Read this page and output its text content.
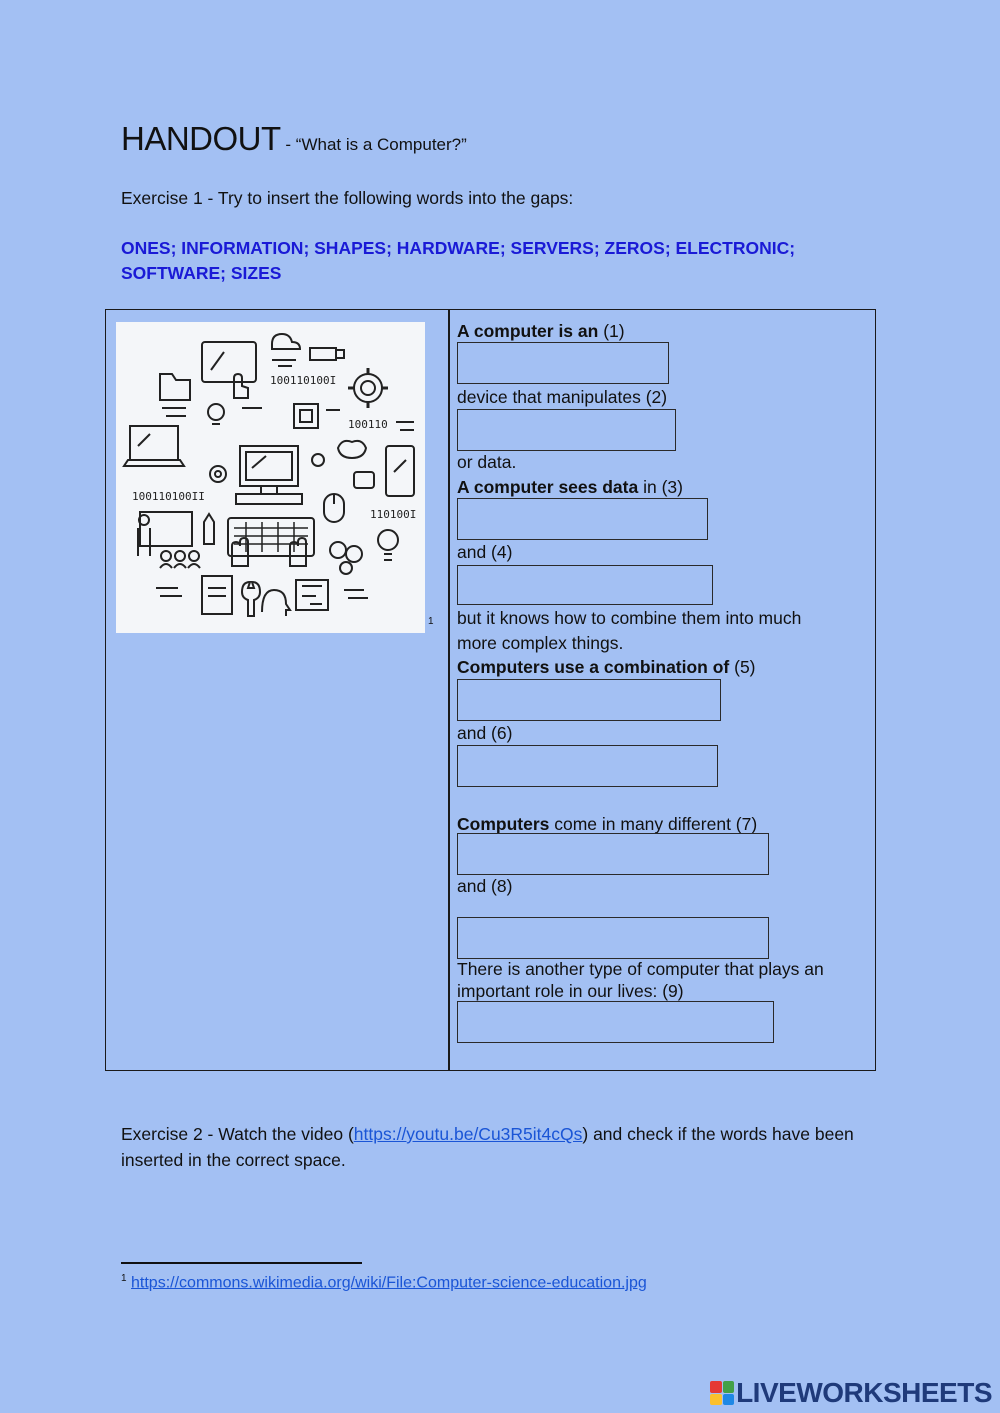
HANDOUT - “What is a Computer?”
Exercise 1 - Try to insert the following words into the gaps:
ONES; INFORMATION; SHAPES; HARDWARE; SERVERS; ZEROS; ELECTRONIC;
SOFTWARE; SIZES
100110100I
100110
100110100II
110100I
1
A computer is an (1)
device that manipulates (2)
or data.
A computer sees data in (3)
and (4)
but it knows how to combine them into much
more complex things.
Computers use a combination of (5)
and (6)
Computers come in many different (7)
and (8)
There is another type of computer that plays an
important role in our lives: (9)
Exercise 2 - Watch the video (https://youtu.be/Cu3R5it4cQs) and check if the words have been inserted in the correct space.
$^1$ https://commons.wikimedia.org/wiki/File:Computer-science-education.jpg
LIVEWORKSHEETS
